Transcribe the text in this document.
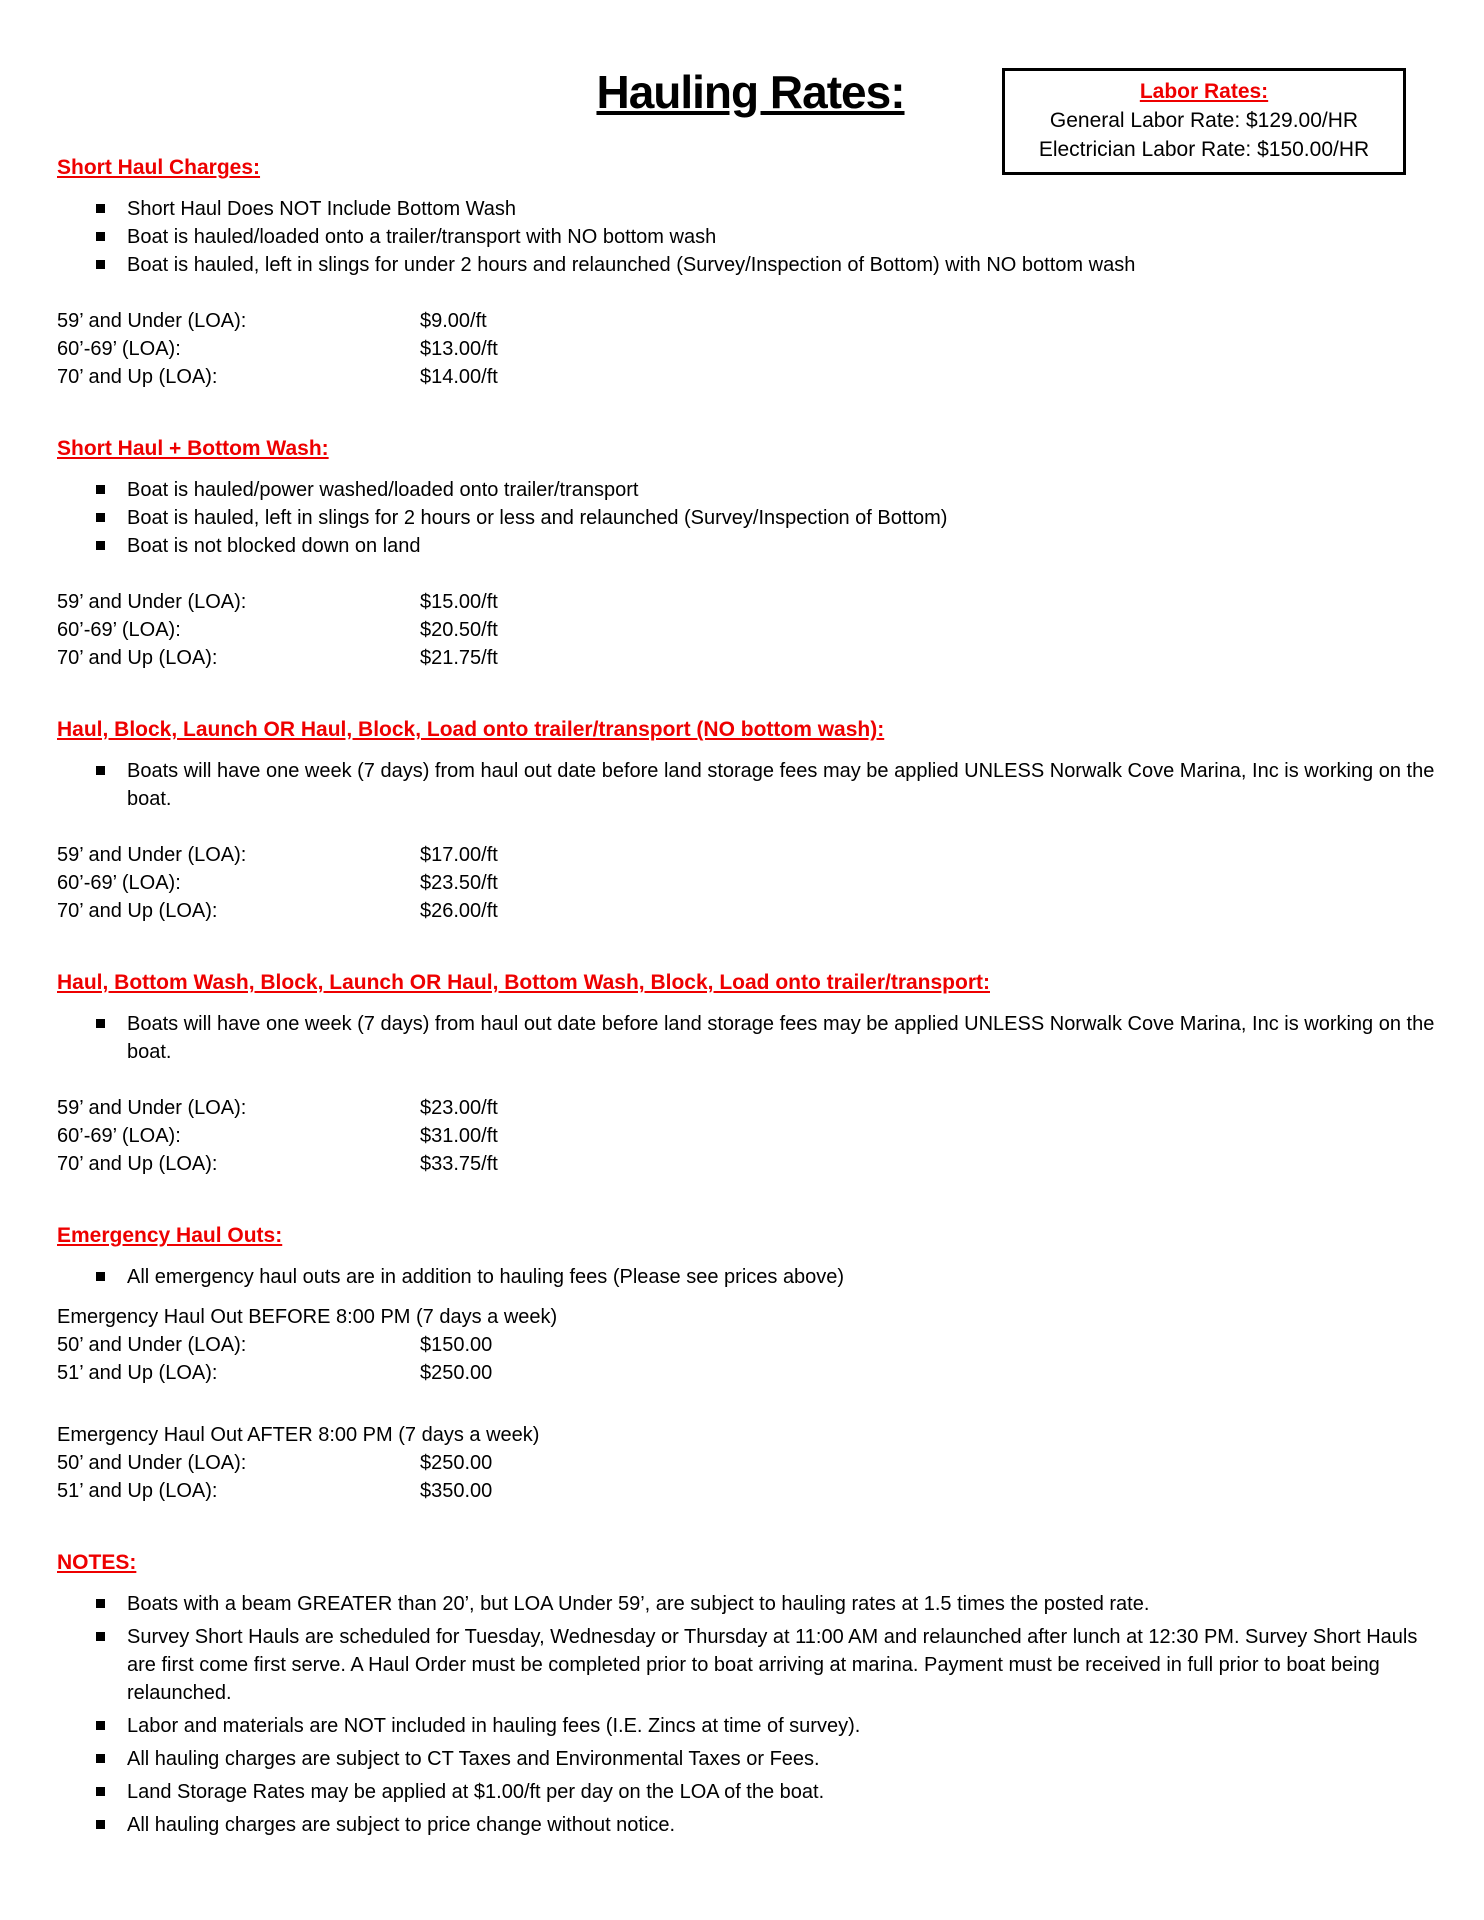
Hauling Rates:	Labor Rates:
General Labor Rate: $129.00/HR
Electrician Labor Rate: $150.00/HR
Short Haul Charges:
Short Haul Does NOT Include Bottom Wash
Boat is hauled/loaded onto a trailer/transport with NO bottom wash
Boat is hauled, left in slings for under 2 hours and relaunched (Survey/Inspection of Bottom) with NO bottom wash
59’ and Under (LOA):	$9.00/ft
60’-69’ (LOA):	$13.00/ft
70’ and Up (LOA):	$14.00/ft
Short Haul + Bottom Wash:
Boat is hauled/power washed/loaded onto trailer/transport
Boat is hauled, left in slings for 2 hours or less and relaunched (Survey/Inspection of Bottom)
Boat is not blocked down on land
59’ and Under (LOA):	$15.00/ft
60’-69’ (LOA):	$20.50/ft
70’ and Up (LOA):	$21.75/ft
Haul, Block, Launch OR Haul, Block, Load onto trailer/transport (NO bottom wash):
Boats will have one week (7 days) from haul out date before land storage fees may be applied UNLESS Norwalk Cove Marina, Inc is working on the boat.
59’ and Under (LOA):	$17.00/ft
60’-69’ (LOA):	$23.50/ft
70’ and Up (LOA):	$26.00/ft
Haul, Bottom Wash, Block, Launch OR Haul, Bottom Wash, Block, Load onto trailer/transport:
Boats will have one week (7 days) from haul out date before land storage fees may be applied UNLESS Norwalk Cove Marina, Inc is working on the boat.
59’ and Under (LOA):	$23.00/ft
60’-69’ (LOA):	$31.00/ft
70’ and Up (LOA):	$33.75/ft
Emergency Haul Outs:
All emergency haul outs are in addition to hauling fees (Please see prices above)
Emergency Haul Out BEFORE 8:00 PM (7 days a week)
50’ and Under (LOA):	$150.00
51’ and Up (LOA):	$250.00
Emergency Haul Out AFTER 8:00 PM (7 days a week)
50’ and Under (LOA):	$250.00
51’ and Up (LOA):	$350.00
NOTES:
Boats with a beam GREATER than 20’, but LOA Under 59’, are subject to hauling rates at 1.5 times the posted rate.
Survey Short Hauls are scheduled for Tuesday, Wednesday or Thursday at 11:00 AM and relaunched after lunch at 12:30 PM. Survey Short Hauls are first come first serve. A Haul Order must be completed prior to boat arriving at marina. Payment must be received in full prior to boat being relaunched.
Labor and materials are NOT included in hauling fees (I.E. Zincs at time of survey).
All hauling charges are subject to CT Taxes and Environmental Taxes or Fees.
Land Storage Rates may be applied at $1.00/ft per day on the LOA of the boat.
All hauling charges are subject to price change without notice.
